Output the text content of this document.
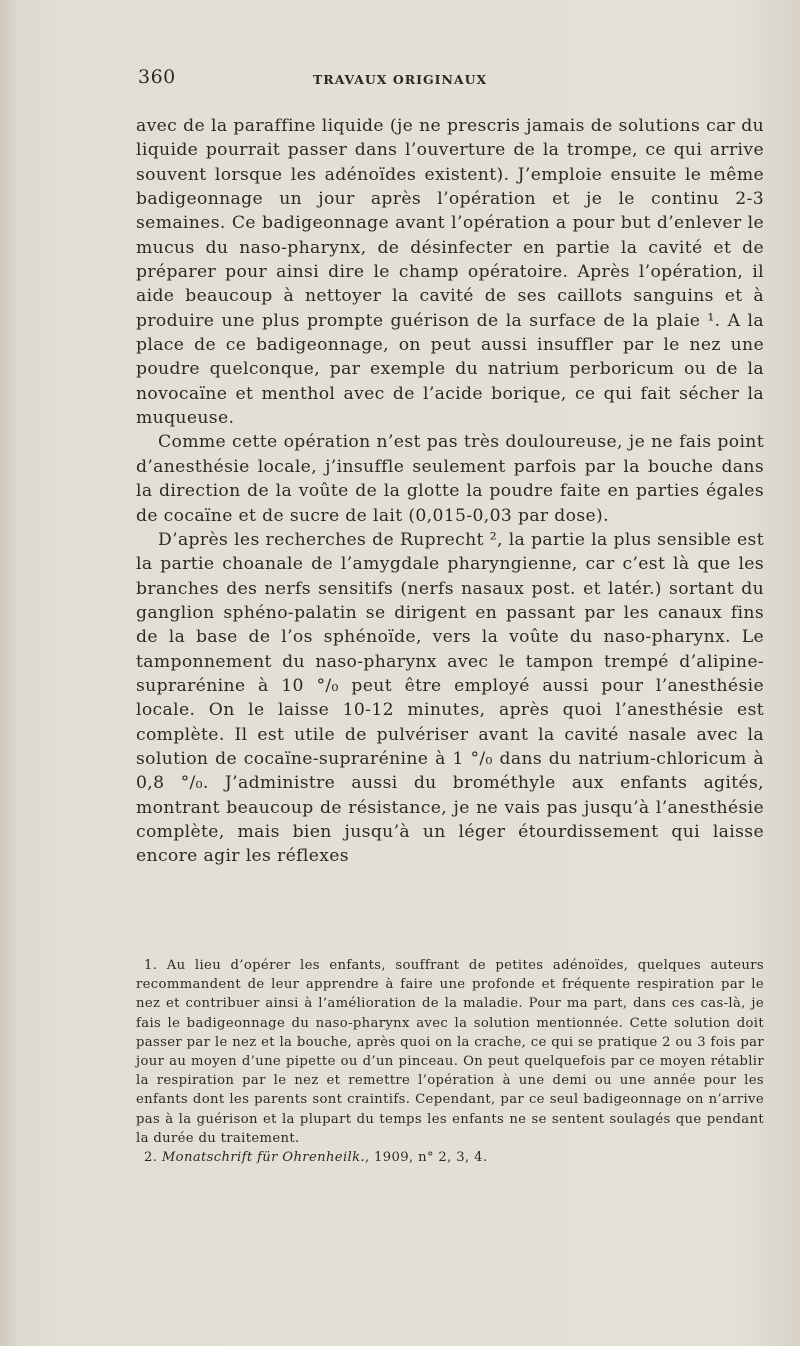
360	TRAVAUX ORIGINAUX

avec de la paraffine liquide (je ne prescris jamais de solutions car du liquide pourrait passer dans l’ouverture de la trompe, ce qui arrive souvent lorsque les adénoïdes existent). J’emploie ensuite le même badigeonnage un jour après l’opération et je le continu 2-3 semaines. Ce badigeonnage avant l’opération a pour but d’enlever le mucus du naso-pharynx, de désinfecter en partie la cavité et de préparer pour ainsi dire le champ opératoire. Après l’opération, il aide beaucoup à nettoyer la cavité de ses caillots sanguins et à produire une plus prompte guérison de la surface de la plaie ¹. A la place de ce badigeonnage, on peut aussi insuffler par le nez une poudre quelconque, par exemple du natrium perboricum ou de la novocaïne et menthol avec de l’acide borique, ce qui fait sécher la muqueuse.

Comme cette opération n’est pas très douloureuse, je ne fais point d’anesthésie locale, j’insuffle seulement parfois par la bouche dans la direction de la voûte de la glotte la poudre faite en parties égales de cocaïne et de sucre de lait (0,015-0,03 par dose).

D’après les recherches de Ruprecht ², la partie la plus sensible est la partie choanale de l’amygdale pharyngienne, car c’est là que les branches des nerfs sensitifs (nerfs nasaux post. et latér.) sortant du ganglion sphéno-palatin se dirigent en passant par les canaux fins de la base de l’os sphénoïde, vers la voûte du naso-pharynx. Le tamponnement du naso-pharynx avec le tampon trempé d’alipine-suprarénine à 10 °/₀ peut être employé aussi pour l’anesthésie locale. On le laisse 10-12 minutes, après quoi l’anesthésie est complète. Il est utile de pulvériser avant la cavité nasale avec la solution de cocaïne-suprarénine à 1 °/₀ dans du natrium-chloricum à 0,8 °/₀. J’administre aussi du brométhyle aux enfants agités, montrant beaucoup de résistance, je ne vais pas jusqu’à l’anesthésie complète, mais bien jusqu’à un léger étourdissement qui laisse encore agir les réflexes

1. Au lieu d’opérer les enfants, souffrant de petites adénoïdes, quelques auteurs recommandent de leur apprendre à faire une profonde et fréquente respiration par le nez et contribuer ainsi à l’amélioration de la maladie. Pour ma part, dans ces cas-là, je fais le badigeonnage du naso-pharynx avec la solution mentionnée. Cette solution doit passer par le nez et la bouche, après quoi on la crache, ce qui se pratique 2 ou 3 fois par jour au moyen d’une pipette ou d’un pinceau. On peut quelquefois par ce moyen rétablir la respiration par le nez et remettre l’opération à une demi ou une année pour les enfants dont les parents sont craintifs. Cependant, par ce seul badigeonnage on n’arrive pas à la guérison et la plupart du temps les enfants ne se sentent soulagés que pendant la durée du traitement.

2. Monatschrift für Ohrenheilk., 1909, n° 2, 3, 4.
